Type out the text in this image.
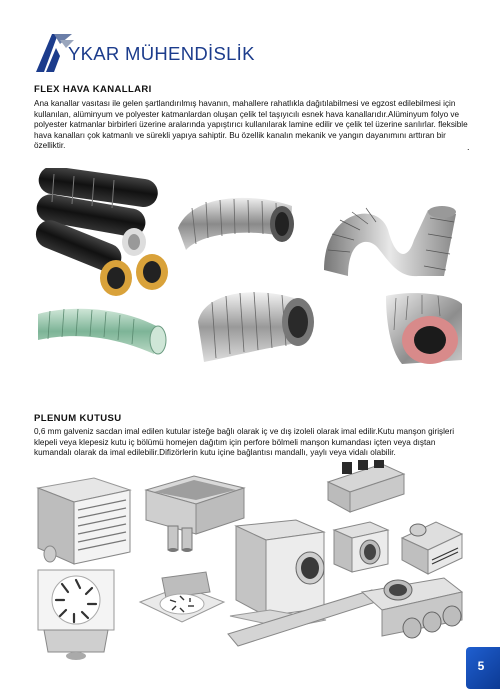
YKAR MÜHENDİSLİK
FLEX HAVA KANALLARI
Ana kanallar vasıtası ile gelen şartlandırılmış havanın, mahallere rahatlıkla dağıtılabilmesi ve egzost edilebilmesi için kullanılan, alüminyum ve polyester katmanlardan oluşan çelik tel taşıyıcılı esnek hava kanallarıdır.Alüminyum folyo ve polyester katmanlar birbirleri üzerine aralarında yapıştırıcı kullanılarak lamine edilir ve çelik tel üzerine sarılırlar. fleksible hava kanalları çok katmanlı ve sürekli yapıya sahiptir. Bu özellik kanalın mekanik ve yangın dayanımını arttıran bir özelliktir.	.
PLENUM KUTUSU
0,6 mm galveniz sacdan imal edilen kutular isteğe bağlı olarak iç ve dış izoleli olarak imal edilir.Kutu manşon girişleri klepeli veya klepesiz kutu iç bölümü homejen dağıtım için perfore bölmeli manşon kumandası içten veya dıştan kumandalı olarak da imal edilebilir.Difizörlerin kutu içine bağlantısı mandallı, yaylı veya vidalı olabilir.
5
